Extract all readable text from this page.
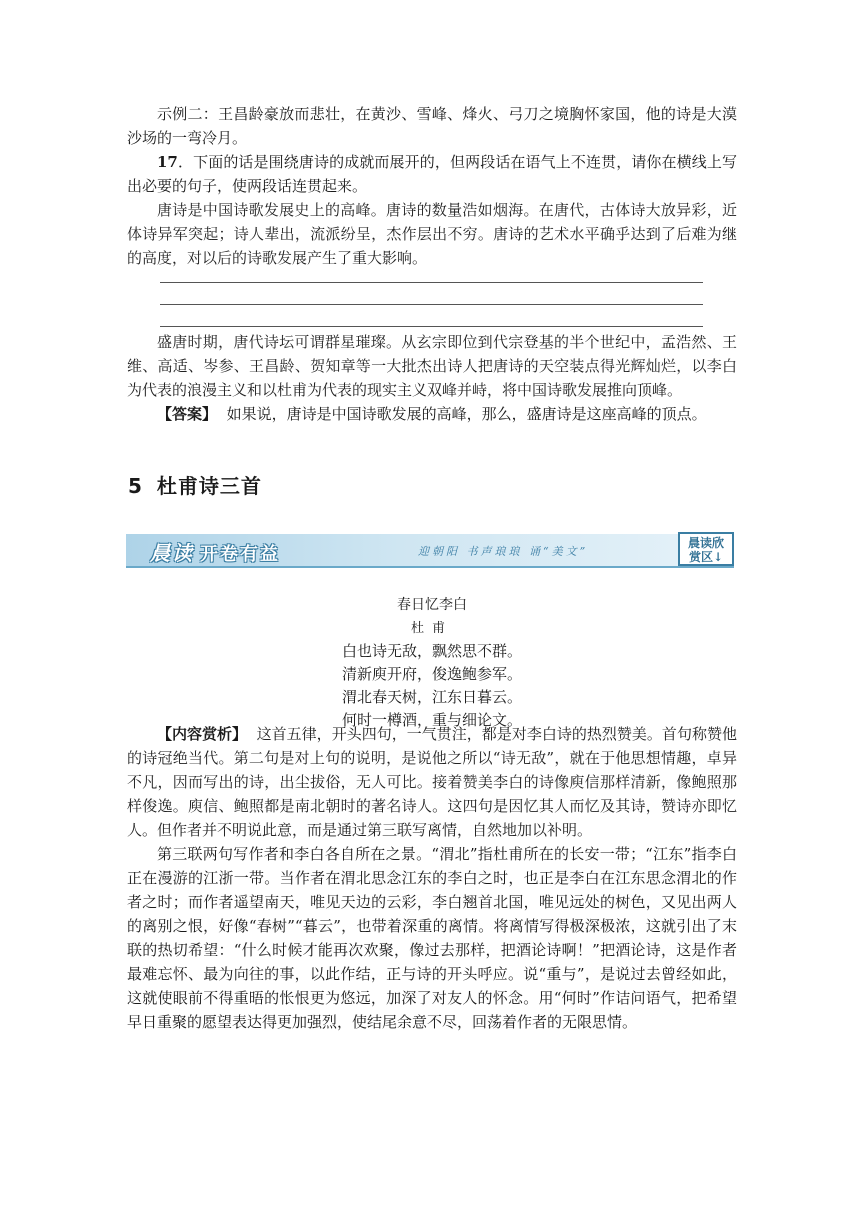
示例二：王昌龄豪放而悲壮，在黄沙、雪峰、烽火、弓刀之境胸怀家国，他的诗是大漠沙场的一弯冷月。

17．下面的话是围绕唐诗的成就而展开的，但两段话在语气上不连贯，请你在横线上写出必要的句子，使两段话连贯起来。

唐诗是中国诗歌发展史上的高峰。唐诗的数量浩如烟海。在唐代，古体诗大放异彩，近体诗异军突起；诗人辈出，流派纷呈，杰作层出不穷。唐诗的艺术水平确乎达到了后难为继的高度，对以后的诗歌发展产生了重大影响。

盛唐时期，唐代诗坛可谓群星璀璨。从玄宗即位到代宗登基的半个世纪中，孟浩然、王维、高适、岑参、王昌龄、贺知章等一大批杰出诗人把唐诗的天空装点得光辉灿烂，以李白为代表的浪漫主义和以杜甫为代表的现实主义双峰并峙，将中国诗歌发展推向顶峰。

【答案】 如果说，唐诗是中国诗歌发展的高峰，那么，盛唐诗是这座高峰的顶点。

5 杜甫诗三首
晨读 开卷有益	迎朝阳 书声琅琅 诵“美文”
晨读欣
赏区↓
春日忆李白
杜甫
白也诗无敌，飘然思不群。
清新庾开府，俊逸鲍参军。
渭北春天树，江东日暮云。
何时一樽酒，重与细论文。

【内容赏析】 这首五律，开头四句，一气贯注，都是对李白诗的热烈赞美。首句称赞他的诗冠绝当代。第二句是对上句的说明，是说他之所以“诗无敌”，就在于他思想情趣，卓异不凡，因而写出的诗，出尘拔俗，无人可比。接着赞美李白的诗像庾信那样清新，像鲍照那样俊逸。庾信、鲍照都是南北朝时的著名诗人。这四句是因忆其人而忆及其诗，赞诗亦即忆人。但作者并不明说此意，而是通过第三联写离情，自然地加以补明。

第三联两句写作者和李白各自所在之景。“渭北”指杜甫所在的长安一带；“江东”指李白正在漫游的江浙一带。当作者在渭北思念江东的李白之时，也正是李白在江东思念渭北的作者之时；而作者遥望南天，唯见天边的云彩，李白翘首北国，唯见远处的树色，又见出两人的离别之恨，好像“春树”“暮云”，也带着深重的离情。将离情写得极深极浓，这就引出了末联的热切希望：“什么时候才能再次欢聚，像过去那样，把酒论诗啊！”把酒论诗，这是作者最难忘怀、最为向往的事，以此作结，正与诗的开头呼应。说“重与”，是说过去曾经如此，这就使眼前不得重晤的怅恨更为悠远，加深了对友人的怀念。用“何时”作诘问语气，把希望早日重聚的愿望表达得更加强烈，使结尾余意不尽，回荡着作者的无限思情。
